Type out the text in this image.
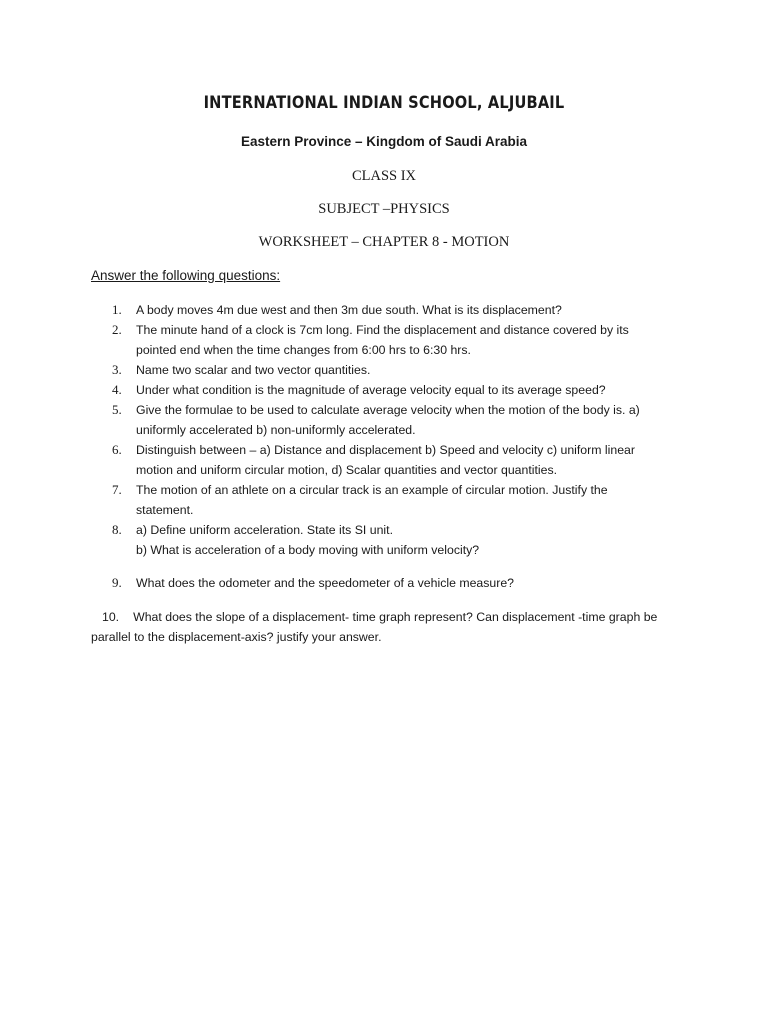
INTERNATIONAL INDIAN SCHOOL, ALJUBAIL
Eastern Province – Kingdom of Saudi Arabia
CLASS IX
SUBJECT –PHYSICS
WORKSHEET – CHAPTER 8 - MOTION
Answer the following questions:
1.	A body moves 4m due west and then 3m due south. What is its displacement?
2.	The minute hand of a clock is 7cm long. Find the displacement and distance covered by its
pointed end when the time changes from 6:00 hrs to 6:30 hrs.
3.	Name two scalar and two vector quantities.
4.	Under what condition is the magnitude of average velocity equal to its average speed?
5.	Give the formulae to be used to calculate average velocity when the motion of the body is. a)
uniformly accelerated b) non-uniformly accelerated.
6.	Distinguish between – a) Distance and displacement b) Speed and velocity c) uniform linear
motion and uniform circular motion, d) Scalar quantities and vector quantities.
7.	The motion of an athlete on a circular track is an example of circular motion. Justify the
statement.
8.	a) Define uniform acceleration. State its SI unit.
b) What is acceleration of a body moving with uniform velocity?
9.	What does the odometer and the speedometer of a vehicle measure?
10. What does the slope of a displacement- time graph represent? Can displacement -time graph be
parallel to the displacement-axis? justify your answer.
